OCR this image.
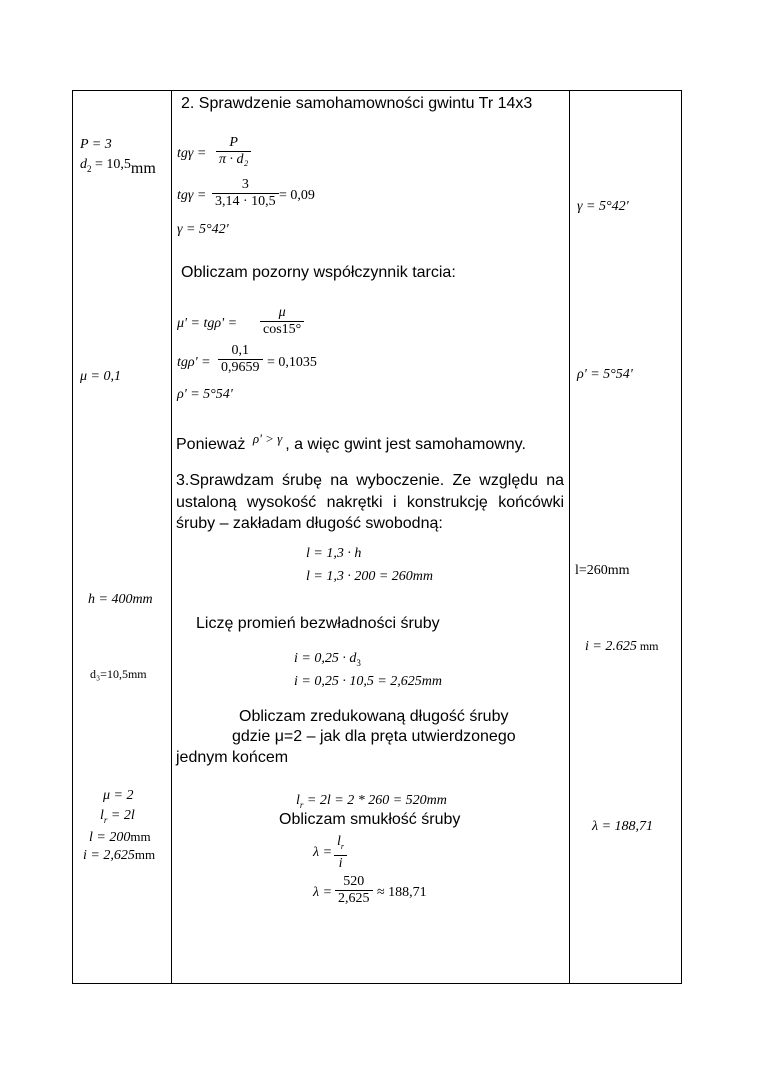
P = 3
$d_2 = 10,5mm$
μ = 0,1
h = 400mm
d₃=10,5mm
μ = 2
$l_r = 2l$
l = 200mm
i = 2,625mm
2. Sprawdzenie samohamowności gwintu Tr 14x3
tgγ =
P
π · d₂
tgγ =
3
3,14 · 10,5 = 0,09
γ = 5°42'
Obliczam pozorny współczynnik tarcia:
μ' = tgρ' =
μ
cos15°
tgρ' =
0,1
0,9659 = 0,1035
ρ' = 5°54'
Ponieważ $^{\rho' > \gamma}$ , a więc gwint jest samohamowny.
3.Sprawdzam śrubę na wyboczenie. Ze względu na
ustaloną wysokość nakrętki i konstrukcję końcówki
śruby – zakładam długość swobodną:
l = 1,3 · h
l = 1,3 · 200 = 260mm
Liczę promień bezwładności śruby
$i = 0,25 \cdot d_3$
i = 0,25 · 10,5 = 2,625mm
Obliczam zredukowaną długość śruby
gdzie μ=2 – jak dla pręta utwierdzonego
jednym końcem
$l_r = 2l = 2 * 260 = 520mm$
Obliczam smukłość śruby
λ =
$l_r$
i
λ =
520
2,625 ≈ 188,71
γ = 5°42'
ρ' = 5°54'
l=260mm
i = 2.625 mm
λ = 188,71
